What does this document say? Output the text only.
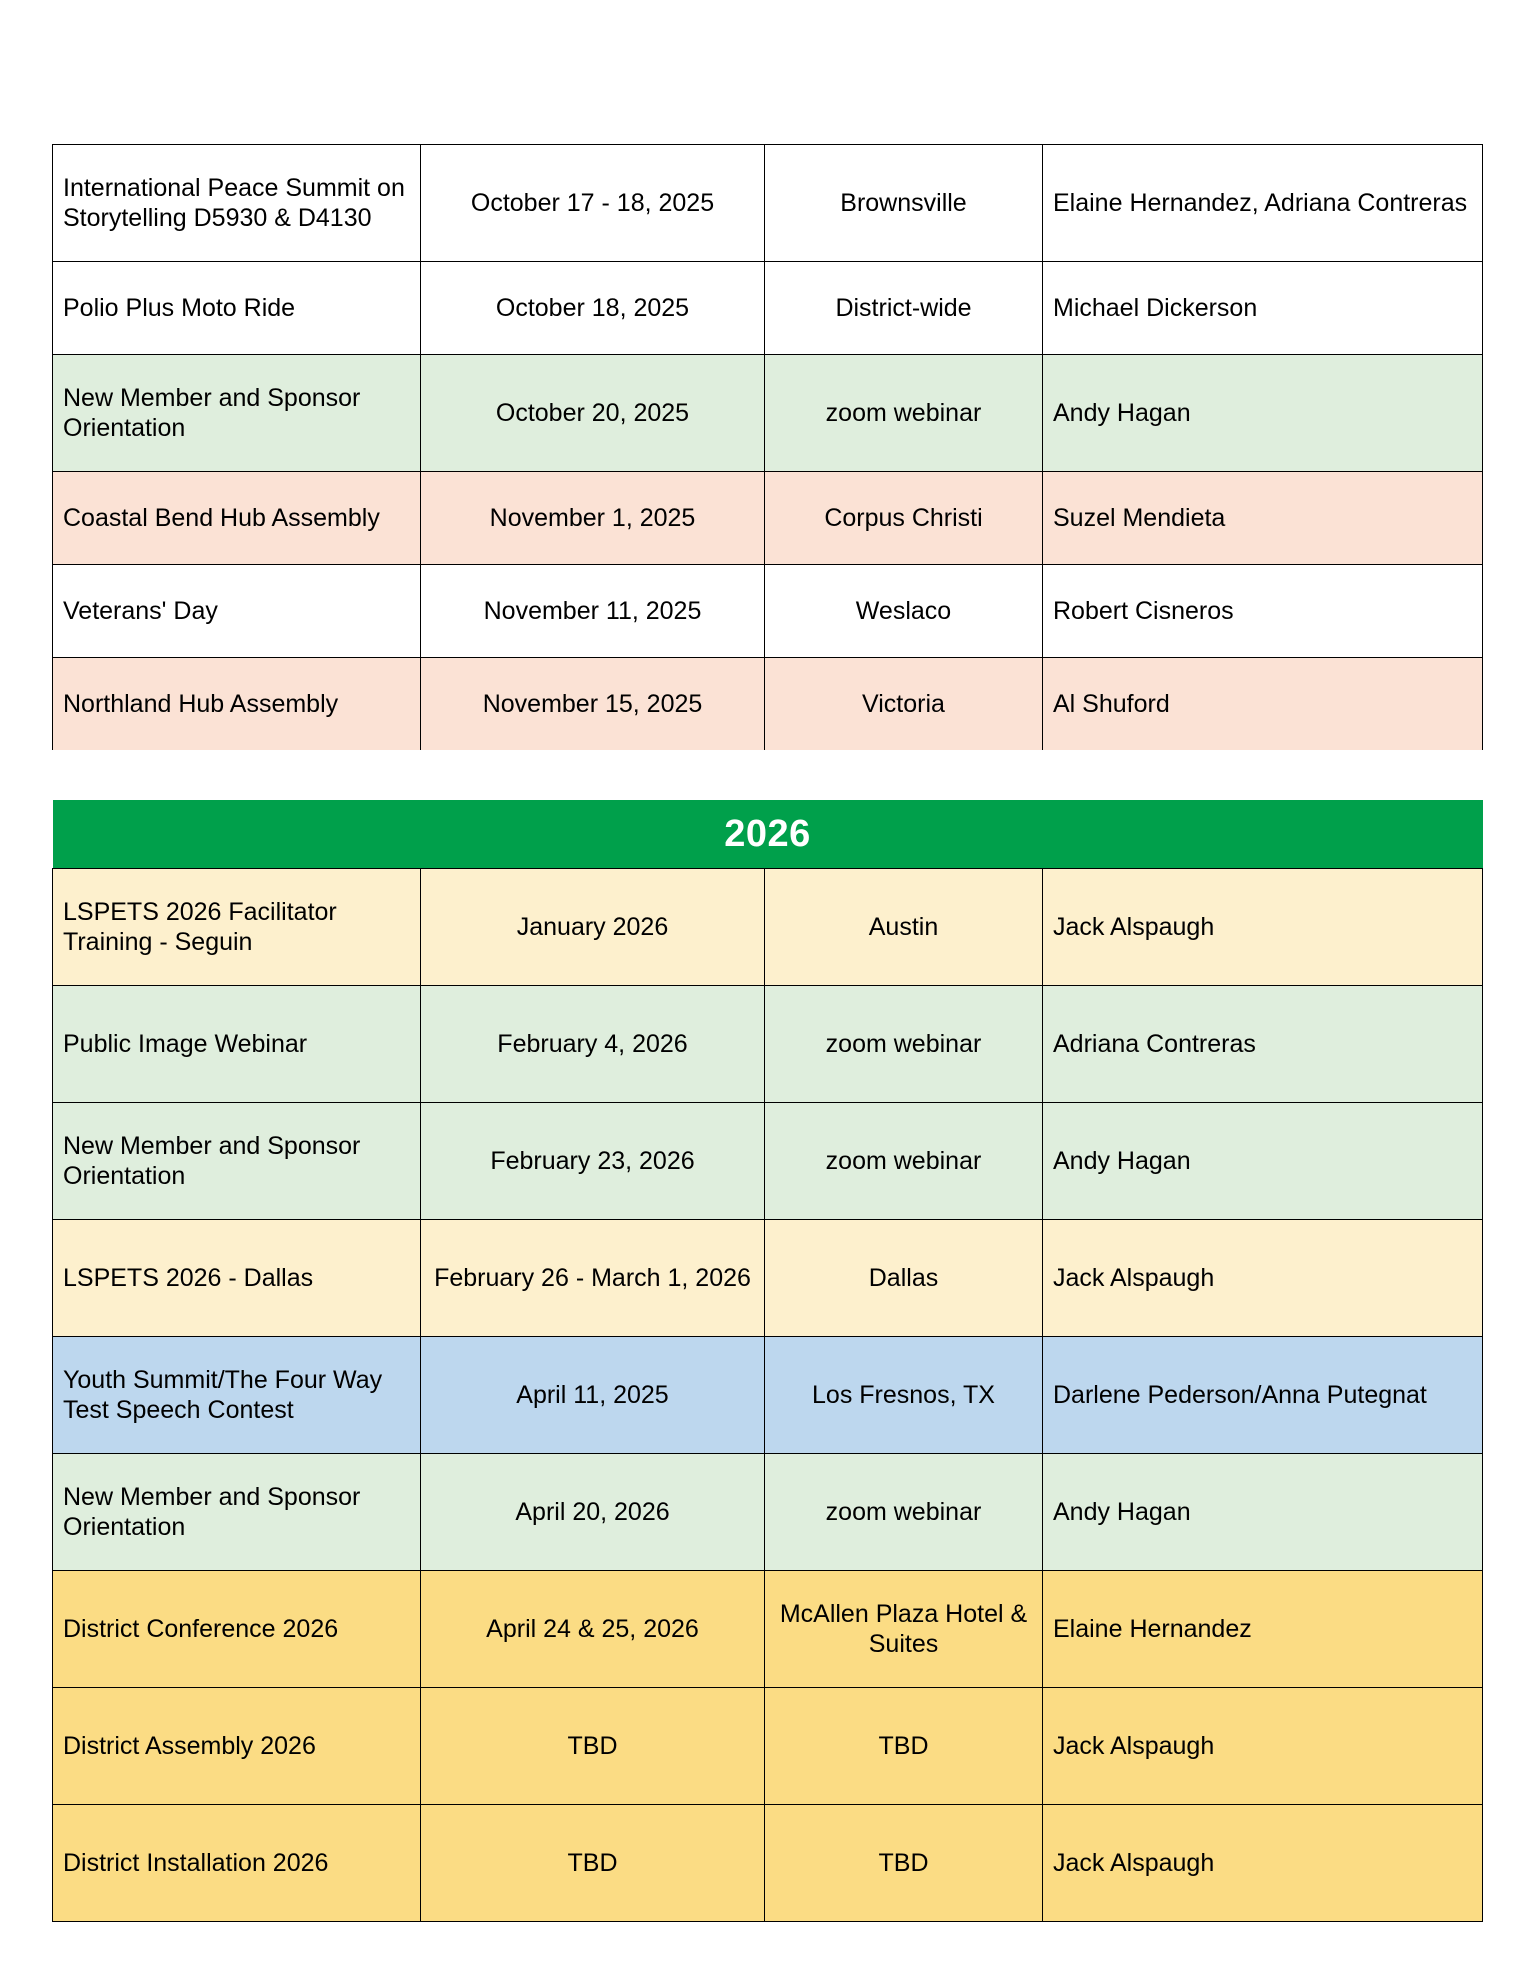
International Peace Summit on Storytelling D5930 & D4130	October 17 - 18, 2025	Brownsville	Elaine Hernandez, Adriana Contreras
Polio Plus Moto Ride	October 18, 2025	District-wide	Michael Dickerson
New Member and Sponsor Orientation	October 20, 2025	zoom webinar	Andy Hagan
Coastal Bend Hub Assembly	November 1, 2025	Corpus Christi	Suzel Mendieta
Veterans' Day	November 11, 2025	Weslaco	Robert Cisneros
Northland Hub Assembly	November 15, 2025	Victoria	Al Shuford
2026			
LSPETS 2026 Facilitator Training - Seguin	January 2026	Austin	Jack Alspaugh
Public Image Webinar	February 4, 2026	zoom webinar	Adriana Contreras
New Member and Sponsor Orientation	February 23, 2026	zoom webinar	Andy Hagan
LSPETS 2026 - Dallas	February 26 - March 1, 2026	Dallas	Jack Alspaugh
Youth Summit/The Four Way Test Speech Contest	April 11, 2025	Los Fresnos, TX	Darlene Pederson/Anna Putegnat
New Member and Sponsor Orientation	April 20, 2026	zoom webinar	Andy Hagan
District Conference 2026	April 24 & 25, 2026	McAllen Plaza Hotel & Suites	Elaine Hernandez
District Assembly 2026	TBD	TBD	Jack Alspaugh
District Installation 2026	TBD	TBD	Jack Alspaugh
